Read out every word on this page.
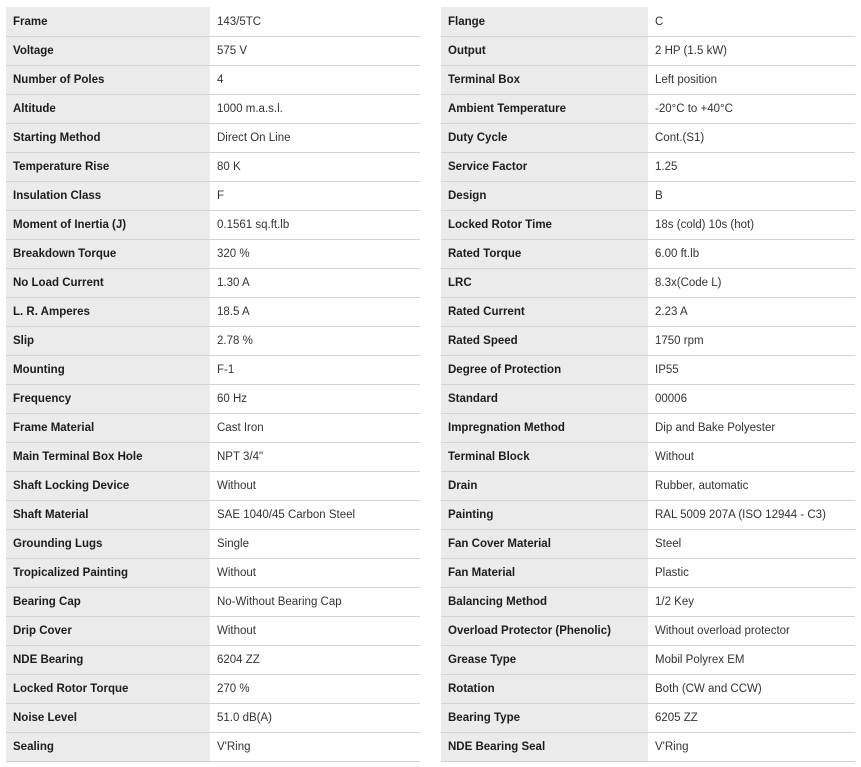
Frame	143/5TC
Voltage	575 V
Number of Poles	4
Altitude	1000 m.a.s.l.
Starting Method	Direct On Line
Temperature Rise	80 K
Insulation Class	F
Moment of Inertia (J)	0.1561 sq.ft.lb
Breakdown Torque	320 %
No Load Current	1.30 A
L. R. Amperes	18.5 A
Slip	2.78 %
Mounting	F-1
Frequency	60 Hz
Frame Material	Cast Iron
Main Terminal Box Hole	NPT 3/4"
Shaft Locking Device	Without
Shaft Material	SAE 1040/45 Carbon Steel
Grounding Lugs	Single
Tropicalized Painting	Without
Bearing Cap	No-Without Bearing Cap
Drip Cover	Without
NDE Bearing	6204 ZZ
Locked Rotor Torque	270 %
Noise Level	51.0 dB(A)
Sealing	V'Ring
Flange	C
Output	2 HP (1.5 kW)
Terminal Box	Left position
Ambient Temperature	-20°C to +40°C
Duty Cycle	Cont.(S1)
Service Factor	1.25
Design	B
Locked Rotor Time	18s (cold) 10s (hot)
Rated Torque	6.00 ft.lb
LRC	8.3x(Code L)
Rated Current	2.23 A
Rated Speed	1750 rpm
Degree of Protection	IP55
Standard	00006
Impregnation Method	Dip and Bake Polyester
Terminal Block	Without
Drain	Rubber, automatic
Painting	RAL 5009 207A (ISO 12944 - C3)
Fan Cover Material	Steel
Fan Material	Plastic
Balancing Method	1/2 Key
Overload Protector (Phenolic)	Without overload protector
Grease Type	Mobil Polyrex EM
Rotation	Both (CW and CCW)
Bearing Type	6205 ZZ
NDE Bearing Seal	V'Ring
